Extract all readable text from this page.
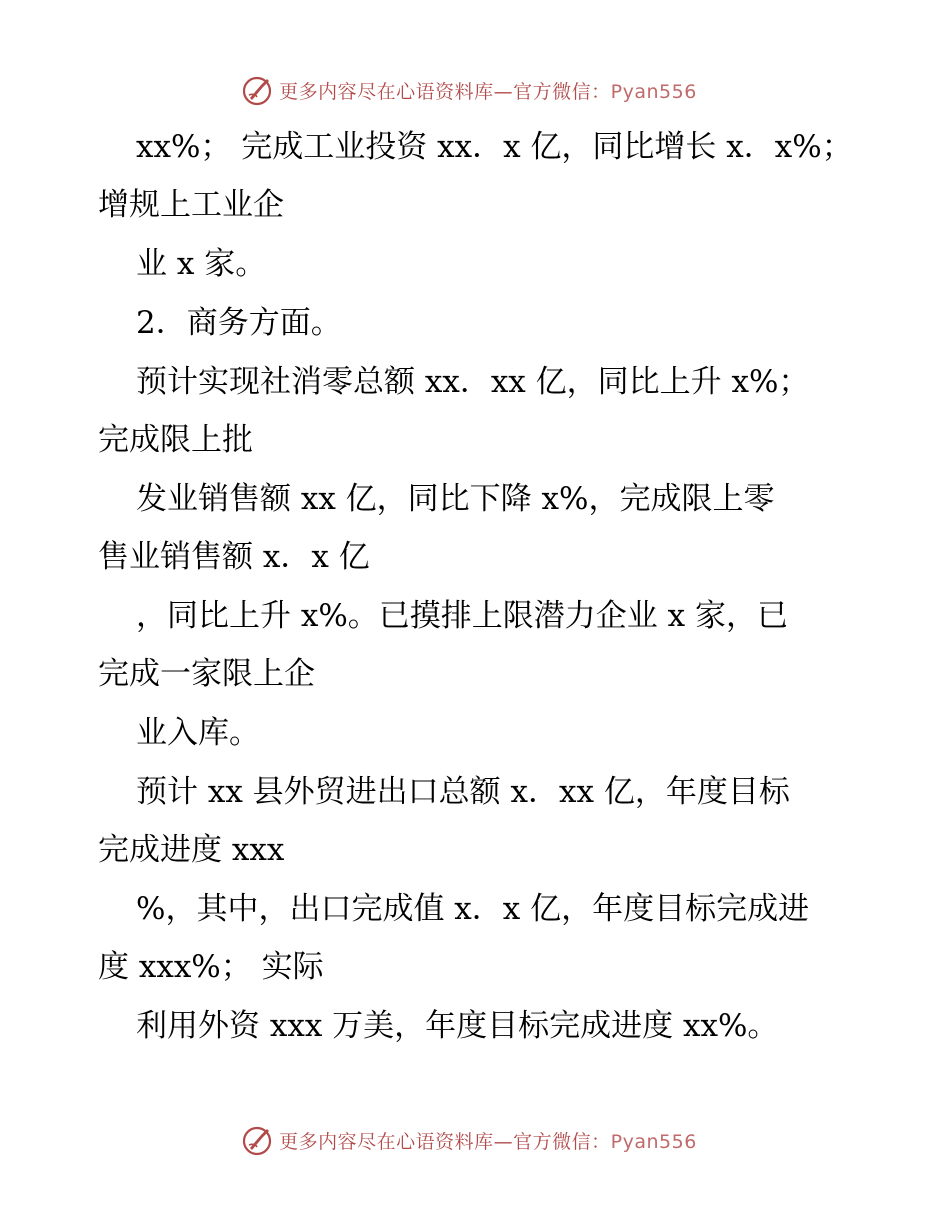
更多内容尽在心语资料库—官方微信：Pyan556
xx%； 完成工业投资 xx．x 亿，同比增长 x．x%；
增规上工业企
业 x 家。
2．商务方面。
预计实现社消零总额 xx．xx 亿，同比上升 x%；
完成限上批
发业销售额 xx 亿，同比下降 x%，完成限上零
售业销售额 x．x 亿
，同比上升 x%。已摸排上限潜力企业 x 家，已
完成一家限上企
业入库。
预计 xx 县外贸进出口总额 x．xx 亿，年度目标
完成进度 xxx
%，其中，出口完成值 x．x 亿，年度目标完成进
度 xxx%； 实际
利用外资 xxx 万美，年度目标完成进度 xx%。
更多内容尽在心语资料库—官方微信：Pyan556
